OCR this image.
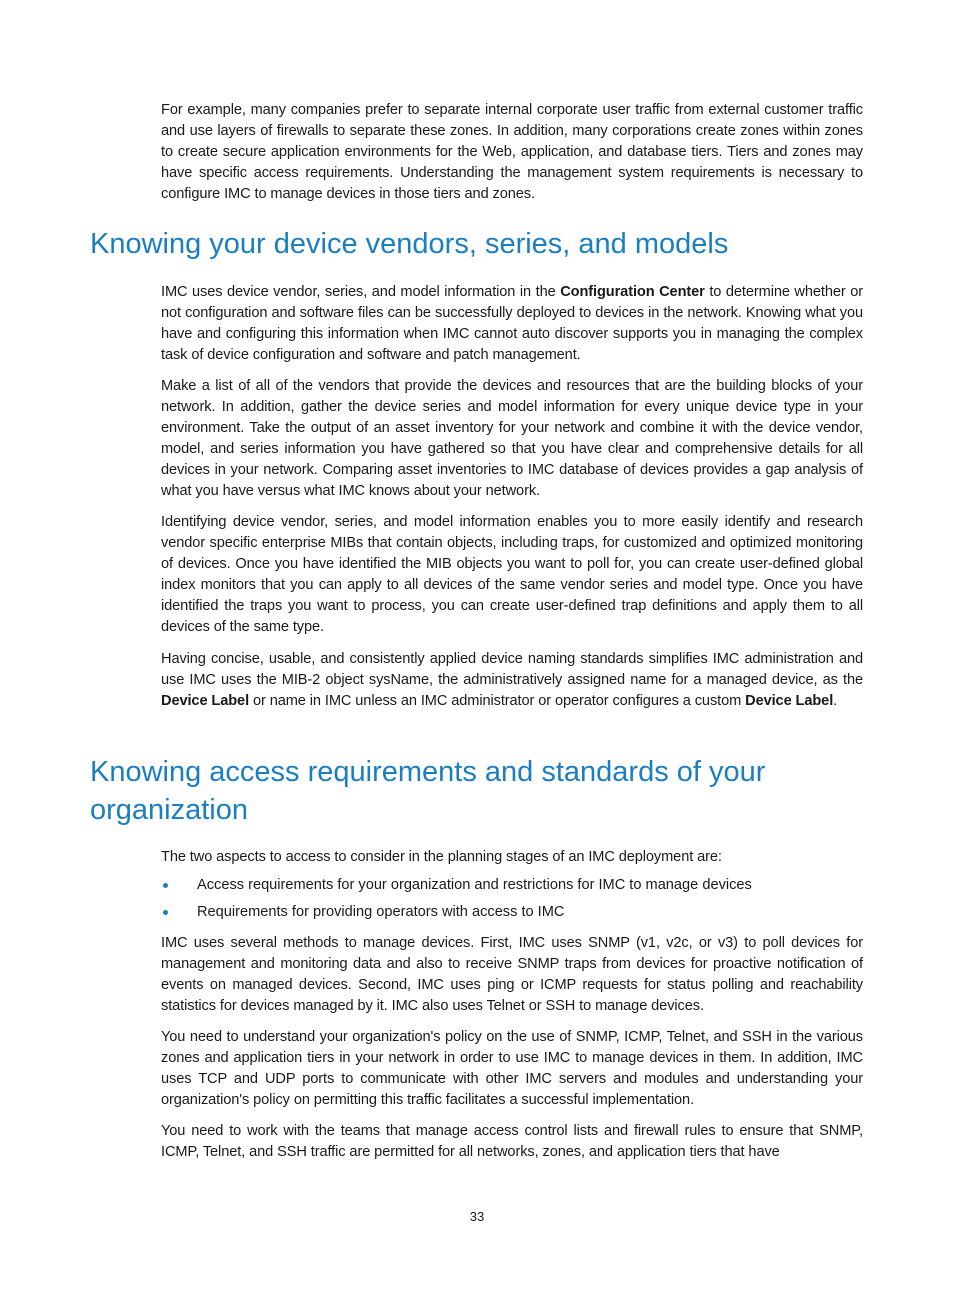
For example, many companies prefer to separate internal corporate user traffic from external customer traffic and use layers of firewalls to separate these zones. In addition, many corporations create zones within zones to create secure application environments for the Web, application, and database tiers. Tiers and zones may have specific access requirements. Understanding the management system requirements is necessary to configure IMC to manage devices in those tiers and zones.

Knowing your device vendors, series, and models

IMC uses device vendor, series, and model information in the Configuration Center to determine whether or not configuration and software files can be successfully deployed to devices in the network. Knowing what you have and configuring this information when IMC cannot auto discover supports you in managing the complex task of device configuration and software and patch management.

Make a list of all of the vendors that provide the devices and resources that are the building blocks of your network. In addition, gather the device series and model information for every unique device type in your environment. Take the output of an asset inventory for your network and combine it with the device vendor, model, and series information you have gathered so that you have clear and comprehensive details for all devices in your network. Comparing asset inventories to IMC database of devices provides a gap analysis of what you have versus what IMC knows about your network.

Identifying device vendor, series, and model information enables you to more easily identify and research vendor specific enterprise MIBs that contain objects, including traps, for customized and optimized monitoring of devices. Once you have identified the MIB objects you want to poll for, you can create user-defined global index monitors that you can apply to all devices of the same vendor series and model type. Once you have identified the traps you want to process, you can create user-defined trap definitions and apply them to all devices of the same type.

Having concise, usable, and consistently applied device naming standards simplifies IMC administration and use IMC uses the MIB-2 object sysName, the administratively assigned name for a managed device, as the Device Label or name in IMC unless an IMC administrator or operator configures a custom Device Label.

Knowing access requirements and standards of your
organization

The two aspects to access to consider in the planning stages of an IMC deployment are:

Access requirements for your organization and restrictions for IMC to manage devices
Requirements for providing operators with access to IMC

IMC uses several methods to manage devices. First, IMC uses SNMP (v1, v2c, or v3) to poll devices for management and monitoring data and also to receive SNMP traps from devices for proactive notification of events on managed devices. Second, IMC uses ping or ICMP requests for status polling and reachability statistics for devices managed by it. IMC also uses Telnet or SSH to manage devices.

You need to understand your organization's policy on the use of SNMP, ICMP, Telnet, and SSH in the various zones and application tiers in your network in order to use IMC to manage devices in them. In addition, IMC uses TCP and UDP ports to communicate with other IMC servers and modules and understanding your organization's policy on permitting this traffic facilitates a successful implementation.

You need to work with the teams that manage access control lists and firewall rules to ensure that SNMP, ICMP, Telnet, and SSH traffic are permitted for all networks, zones, and application tiers that have

33
